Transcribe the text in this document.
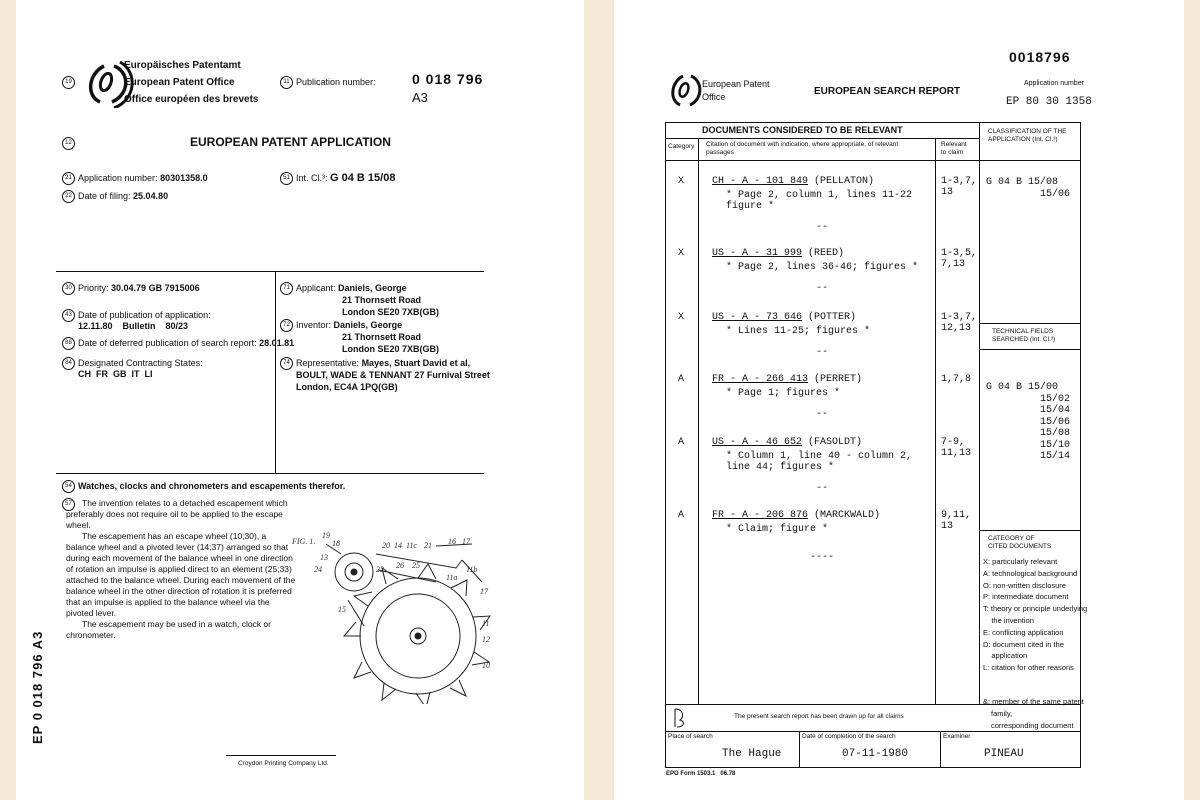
19
Europäisches Patentamt
European Patent Office
Office européen des brevets
11 Publication number:	0 018 796
A3
12	EUROPEAN PATENT APPLICATION
21 Application number: 80301358.0
22 Date of filing: 25.04.80
51 Int. Cl.³: G 04 B 15/08
30 Priority: 30.04.79 GB 7915006
43 Date of publication of application:
12.11.80    Bulletin    80/23
88 Date of deferred publication of search report: 28.01.81
84 Designated Contracting States:
CH  FR  GB  IT  LI
71 Applicant: Daniels, George
21 Thornsett Road
London SE20 7XB(GB)
72 Inventor: Daniels, George
21 Thornsett Road
London SE20 7XB(GB)
74 Representative: Mayes, Stuart David et al,
BOULT, WADE & TENNANT 27 Furnival Street
London, EC4A 1PQ(GB)
54 Watches, clocks and chronometers and escapements therefor.
57	The invention relates to a detached escapement which preferably does not require oil to be applied to the escape wheel.
The escapement has an escape wheel (10;30), a balance wheel and a pivoted lever (14;37) arranged so that during each movement of the balance wheel in one direction of rotation an impulse is applied direct to an element (25;33) attached to the balance wheel. During each movement of the balance wheel in the other direction of rotation it is preferred that an impulse is applied to the balance wheel via the pivoted lever.
The escapement may be used in a watch, clock or chronometer.
FIG. 1.
19
18	20 14 11c 21 16 17
13
24	22 26 25	11b
11a
17
15
11
12
10
EP 0 018 796 A3
Croydon Printing Company Ltd.
0018796
European Patent
Office	EUROPEAN SEARCH REPORT
Application number
EP 80 30 1358
DOCUMENTS CONSIDERED TO BE RELEVANT
Category Citation of document with indication, where appropriate, of relevant
passages
Relevant
to claim
CLASSIFICATION OF THE
APPLICATION (Int. Cl.³)
G 04 B 15/08
15/06
TECHNICAL FIELDS
SEARCHED (Int. Cl.³)
G 04 B 15/00
15/02
15/04
15/06
15/08
15/10
15/14
CATEGORY OF
CITED DOCUMENTS
X: particularly relevant
A: technological background
O: non-written disclosure
P: intermediate document
T: theory or principle underlying
the invention
E: conflicting application
D: document cited in the
application
L: citation for other reasons
&: member of the same patent
family,
corresponding document
X	CH - A - 101 849 (PELLATON)
* Page 2, column 1, lines 11-22
figure *
1-3,7,
13
--
X	US - A - 31 999 (REED)
* Page 2, lines 36-46; figures *
1-3,5,
7,13
--
X	US - A - 73 646 (POTTER)
* Lines 11-25; figures *
1-3,7,
12,13
--
A	FR - A - 266 413 (PERRET)
* Page 1; figures *
1,7,8
--
A	US - A - 46 652 (FASOLDT)
* Column 1, line 40 - column 2,
line 44; figures *
7-9,
11,13
--
A	FR - A - 206 876 (MARCKWALD)
* Claim; figure *
9,11,
13
----
The present search report has been drawn up for all claims
Place of search
The Hague
Date of completion of the search
07-11-1980
Examiner
PINEAU
EPO Form 1503.1   06.78
